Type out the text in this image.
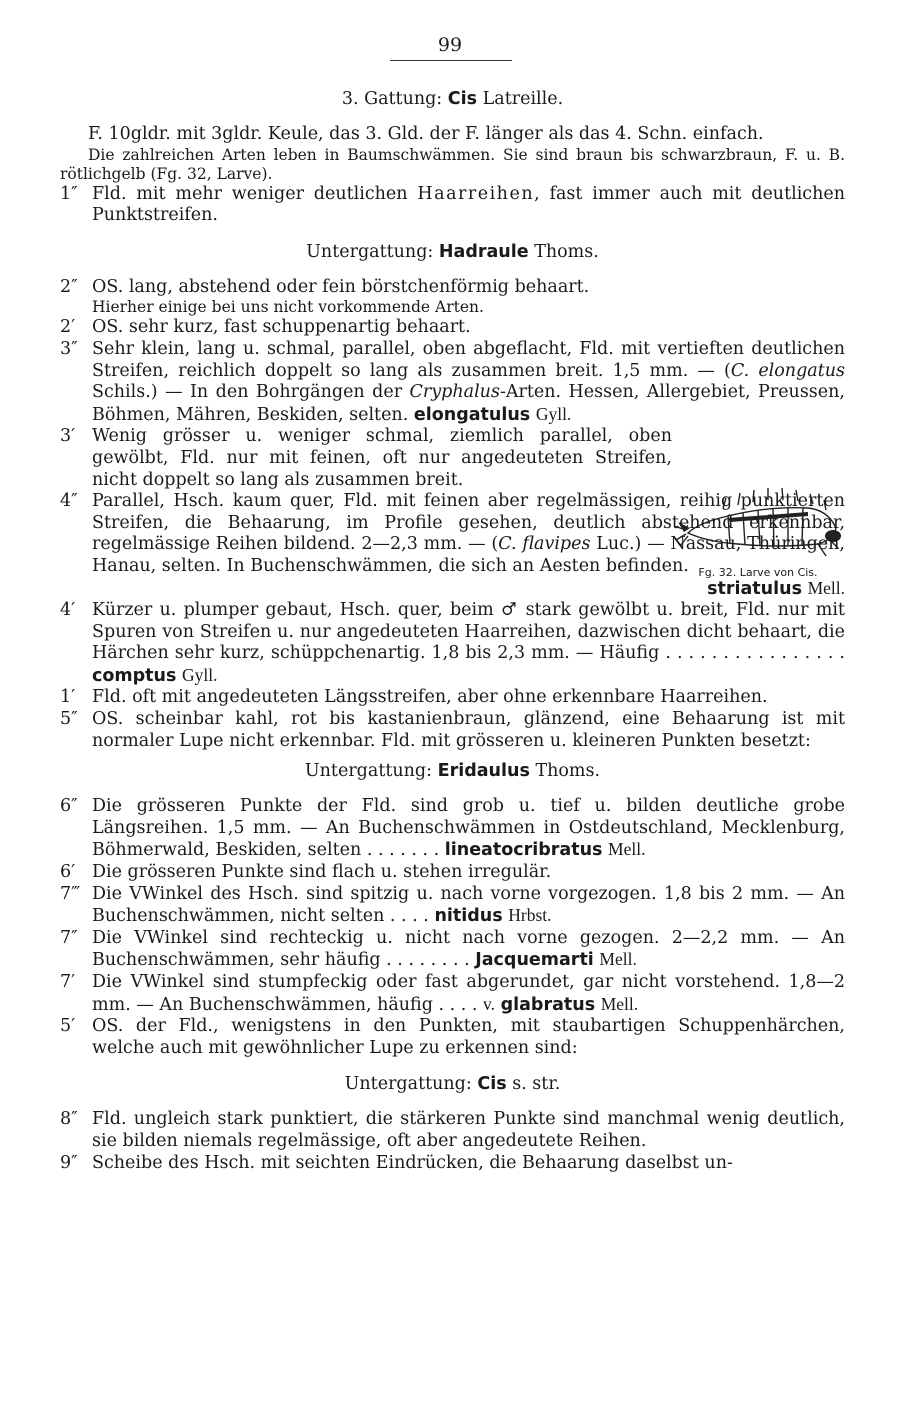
99
Fg. 32. Larve von Cis.

3. Gattung: Cis Latreille.

F. 10gldr. mit 3gldr. Keule, das 3. Gld. der F. länger als das 4. Schn. einfach.

Die zahlreichen Arten leben in Baumschwämmen. Sie sind braun bis schwarzbraun, F. u. B. rötlichgelb (Fg. 32, Larve).

1″ Fld. mit mehr weniger deutlichen Haarreihen, fast immer auch mit deutlichen Punktstreifen.

Untergattung: Hadraule Thoms.

2″ OS. lang, abstehend oder fein börstchenförmig behaart.

Hierher einige bei uns nicht vorkommende Arten.

2′ OS. sehr kurz, fast schuppenartig behaart.
3″ Sehr klein, lang u. schmal, parallel, oben abgeflacht, Fld. mit vertieften deutlichen Streifen, reichlich doppelt so lang als zusammen breit. 1,5 mm. — (C. elongatus Schils.) — In den Bohrgängen der Cryphalus-Arten. Hessen, Allergebiet, Preussen, Böhmen, Mähren, Beskiden, selten. elongatulus Gyll.
3′ Wenig grösser u. weniger schmal, ziemlich parallel, oben gewölbt, Fld. nur mit feinen, oft nur angedeuteten Streifen, nicht doppelt so lang als zusammen breit.
4″ Parallel, Hsch. kaum quer, Fld. mit feinen aber regelmässigen, reihig punktierten Streifen, die Behaarung, im Profile gesehen, deutlich abstehend erkennbar, regelmässige Reihen bildend. 2—2,3 mm. — (C. flavipes Luc.) — Nassau, Thüringen, Hanau, selten. In Buchenschwämmen, die sich an Aesten befinden.
striatulus Mell.
4′ Kürzer u. plumper gebaut, Hsch. quer, beim ♂ stark gewölbt u. breit, Fld. nur mit Spuren von Streifen u. nur angedeuteten Haarreihen, dazwischen dicht behaart, die Härchen sehr kurz, schüppchenartig. 1,8 bis 2,3 mm. — Häufig . . . . . . . . . . . . . . . . comptus Gyll.
1′ Fld. oft mit angedeuteten Längsstreifen, aber ohne erkennbare Haarreihen.
5″ OS. scheinbar kahl, rot bis kastanienbraun, glänzend, eine Behaarung ist mit normaler Lupe nicht erkennbar. Fld. mit grösseren u. kleineren Punkten besetzt:

Untergattung: Eridaulus Thoms.

6″ Die grösseren Punkte der Fld. sind grob u. tief u. bilden deutliche grobe Längsreihen. 1,5 mm. — An Buchenschwämmen in Ostdeutschland, Mecklenburg, Böhmerwald, Beskiden, selten . . . . . . . lineatocribratus Mell.
6′ Die grösseren Punkte sind flach u. stehen irregulär.
7‴ Die VWinkel des Hsch. sind spitzig u. nach vorne vorgezogen. 1,8 bis 2 mm. — An Buchenschwämmen, nicht selten . . . . nitidus Hrbst.
7″ Die VWinkel sind rechteckig u. nicht nach vorne gezogen. 2—2,2 mm. — An Buchenschwämmen, sehr häufig . . . . . . . . Jacquemarti Mell.
7′ Die VWinkel sind stumpfeckig oder fast abgerundet, gar nicht vorstehend. 1,8—2 mm. — An Buchenschwämmen, häufig . . . . v. glabratus Mell.
5′ OS. der Fld., wenigstens in den Punkten, mit staubartigen Schuppenhärchen, welche auch mit gewöhnlicher Lupe zu erkennen sind:

Untergattung: Cis s. str.

8″ Fld. ungleich stark punktiert, die stärkeren Punkte sind manchmal wenig deutlich, sie bilden niemals regelmässige, oft aber angedeutete Reihen.
9″ Scheibe des Hsch. mit seichten Eindrücken, die Behaarung daselbst un-
